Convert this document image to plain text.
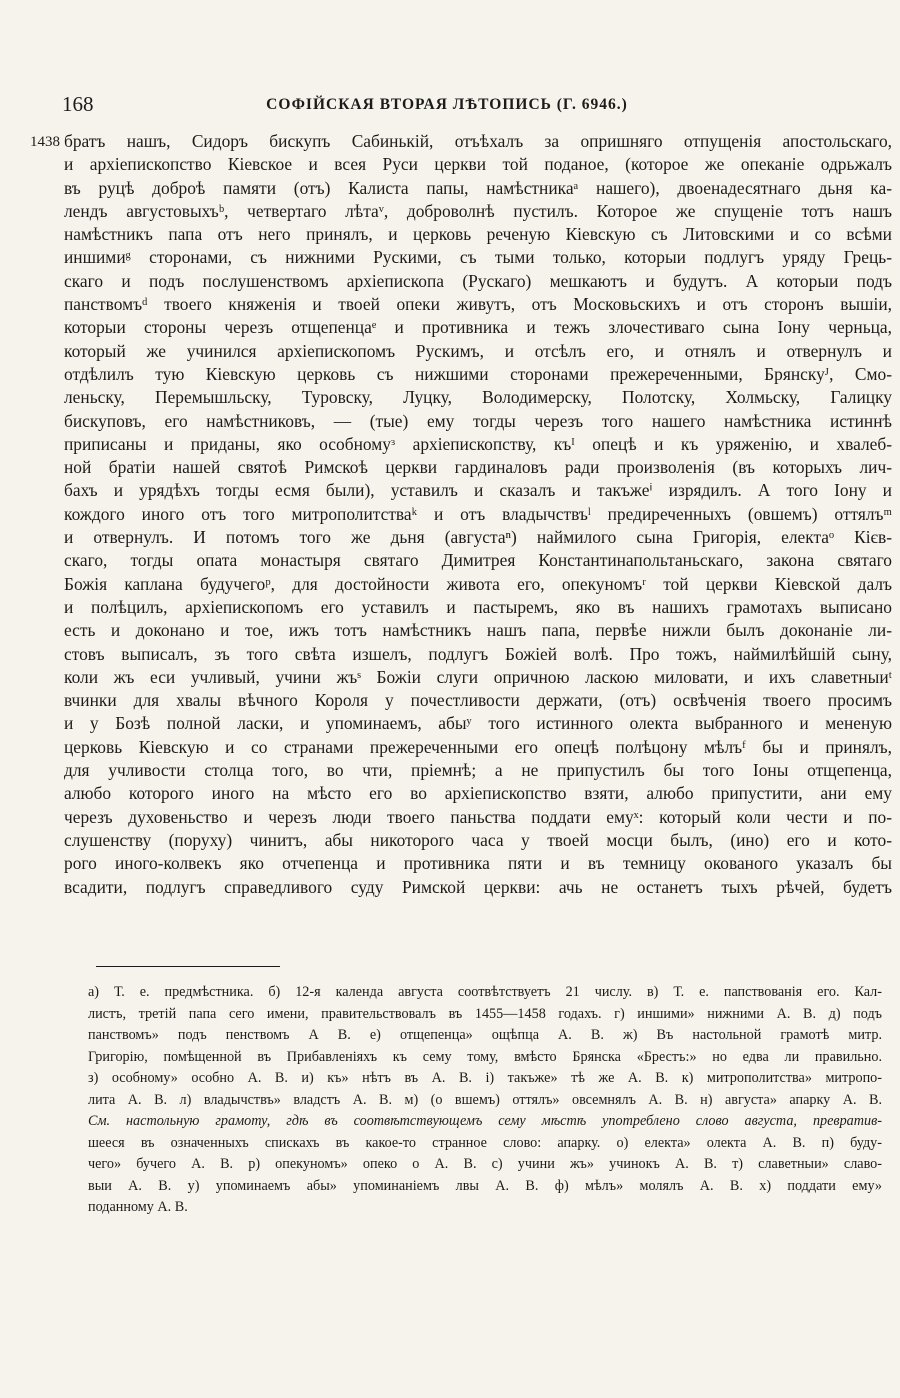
168	СОФІЙСКАЯ ВТОРАЯ ЛѢТОПИСЬ (Г. 6946.)
1438 братъ нашъ, Сидоръ бискупъ Сабинькій, отъѣхалъ за опришняго отпущенія апостольскаго,
и архіепископство Кіевское и всея Руси церкви той поданое, (которое же опеканіе одрьжалъ
въ руцѣ доброѣ памяти (отъ) Калиста папы, намѣстникаᵃ нашего), двоенадесятнаго дьня ка-
лендъ августовыхъᵇ, четвертаго лѣтаᵛ, доброволнѣ пустилъ. Которое же спущеніе тотъ нашъ
намѣстникъ папа отъ него принялъ, и церковь реченую Кіевскую съ Литовскими и со всѣми
иншимиᵍ сторонами, съ нижними Рускими, съ тыми только, которыи подлугъ уряду Грець-
скаго и подъ послушенствомъ архіепископа (Рускаго) мешкаютъ и будутъ. А которыи подъ
панствомъᵈ твоего княженія и твоей опеки живутъ, отъ Московьскихъ и отъ сторонъ вышіи,
которыи стороны черезъ отщепенцаᵉ и противника и тежъ злочестиваго сына Іону черньца,
который же учинился архіепископомъ Рускимъ, и отсѣлъ его, и отнялъ и отвернулъ и
отдѣлилъ тую Кіевскую церковь съ нижшими сторонами прежереченными, Брянскуᴶ, Смо-
леньску, Перемышльску, Туровску, Луцку, Володимерску, Полотску, Холмьску, Галицку
бискуповъ, его намѣстниковъ, — (тые) ему тогды черезъ того нашего намѣстника истиннѣ
приписаны и приданы, яко особномуᶟ архіепископству, къᴵ опецѣ и къ уряженію, и хвалеб-
ной братіи нашей святоѣ Римскоѣ церкви гардиналовъ ради произволенія (въ которыхъ лич-
бахъ и урядѣхъ тогды есмя были), уставилъ и сказалъ и такъжеⁱ изрядилъ. А того Іону и
кождого иного отъ того митрополитстваᵏ и отъ владычствъˡ предиреченныхъ (овшемъ) оттялъᵐ
и отвернулъ. И потомъ того же дьня (августаⁿ) наймилого сына Григорія, електаᵒ Кієв-
скаго, тогды опата монастыря святаго Димитрея Константинапольтаньскаго, закона святаго
Божія каплана будучегоᵖ, для достойности живота его, опекуномъʳ той церкви Кіевской далъ
и полѣцилъ, архіепископомъ его уставилъ и пастыремъ, яко въ нашихъ грамотахъ выписано
есть и доконано и тое, ижъ тотъ намѣстникъ нашъ папа, первѣе нижли былъ доконаніе ли-
стовъ выписалъ, зъ того свѣта изшелъ, подлугъ Божіей волѣ. Про тожъ, наймилѣйшій сыну,
коли жъ еси учливый, учини жъˢ Божіи слуги опричною ласкою миловати, и ихъ славетныиᵗ
вчинки для хвалы вѣчного Короля у почестливости держати, (отъ) освѣченія твоего просимъ
и у Бозѣ полной ласки, и упоминаемъ, абыʸ того истинного олекта выбранного и мененую
церковь Кіевскую и со странами прежереченными его опецѣ полѣцону мѣлъᶠ бы и принялъ,
для учливости столца того, во чти, пріемнѣ; а не припустилъ бы того Іоны отщепенца,
алюбо которого иного на мѣсто его во архіепископство взяти, алюбо припустити, ани ему
черезъ духовеньство и черезъ люди твоего паньства поддати емуˣ: который коли чести и по-
слушенству (поруху) чинитъ, абы никоторого часа у твоей мосци былъ, (ино) его и кото-
рого иного-колвекъ яко отчепенца и противника пяти и въ темницу окованого указалъ бы
всадити, подлугъ справедливого суду Римской церкви: ачь не останетъ тыхъ рѣчей, будетъ
а) Т. е. предмѣстника. б) 12-я календа августа соотвѣтствуетъ 21 числу. в) Т. е. папствованія его. Кал-
листъ, третій папа сего имени, правительствовалъ въ 1455—1458 годахъ. г) иншими» нижними А. В. д) подъ
панствомъ» подъ пенствомъ А В. е) отщепенца» ощѣпца А. В. ж) Въ настольной грамотѣ митр.
Григорію, помѣщенной въ Прибавленіяхъ къ сему тому, вмѣсто Брянска «Брестъ:» но едва ли правильно.
з) особному» особно А. В. и) къ» нѣтъ въ А. В. і) такъже» тѣ же А. В. к) митрополитства» митропо-
лита А. В. л) владычствъ» владстъ А. В. м) (о вшемъ) оттялъ» овсемнялъ А. В. н) августа» апарку А. В.
См. настольную грамоту, гдѣ въ соотвѣтствующемъ сему мѣстѣ употреблено слово августа, превратив-
шееся въ означенныхъ спискахъ въ какое-то странное слово: апарку. о) електа» олекта А. В. п) буду-
чего» бучего А. В. р) опекуномъ» опеко о А. В. с) учини жъ» учинокъ А. В. т) славетныи» славо-
выи А. В. у) упоминаемъ абы» упоминаніемъ лвы А. В. ф) мѣлъ» молялъ А. В. х) поддати ему»
поданному А. В.
